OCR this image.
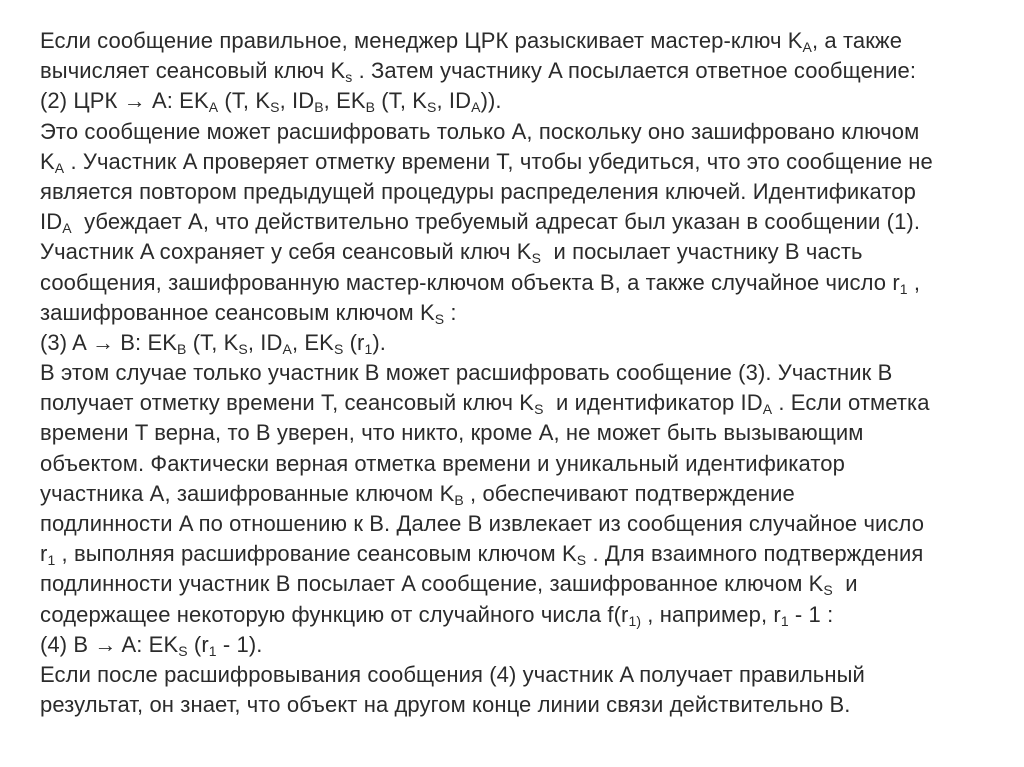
Если сообщение правильное, менеджер ЦРК разыскивает мастер-ключ $K_A$, а также
вычисляет сеансовый ключ $K_s$ . Затем участнику A посылается ответное сообщение:
(2) ЦРК → A: $EK_A$ (T, $K_S$, $ID_B$, $EK_B$ (T, $K_S$, $ID_A$)).
Это сообщение может расшифровать только A, поскольку оно зашифровано ключом
$K_A$ . Участник A проверяет отметку времени T, чтобы убедиться, что это сообщение не
является повтором предыдущей процедуры распределения ключей. Идентификатор
$ID_A$  убеждает A, что действительно требуемый адресат был указан в сообщении (1).
Участник A сохраняет у себя сеансовый ключ $K_S$  и посылает участнику B часть
сообщения, зашифрованную мастер-ключом объекта B, а также случайное число $r_1$ ,
зашифрованное сеансовым ключом $K_S$ :
(3) A → B: $EK_B$ (T, $K_S$, $ID_A$, $EK_S$ $(r_1)$.
В этом случае только участник B может расшифровать сообщение (3). Участник B
получает отметку времени T, сеансовый ключ $K_S$  и идентификатор $ID_A$ . Если отметка
времени T верна, то B уверен, что никто, кроме A, не может быть вызывающим
объектом. Фактически верная отметка времени и уникальный идентификатор
участника A, зашифрованные ключом $K_B$ , обеспечивают подтверждение
подлинности A по отношению к B. Далее B извлекает из сообщения случайное число
$r_1$ , выполняя расшифрование сеансовым ключом $K_S$ . Для взаимного подтверждения
подлинности участник B посылает A сообщение, зашифрованное ключом $K_S$  и
содержащее некоторую функцию от случайного числа $f(r_{1)}$ , например, $r_1 - 1$ :
(4) B → A: $EK_S$ $(r_1 - 1)$.
Если после расшифровывания сообщения (4) участник A получает правильный
результат, он знает, что объект на другом конце линии связи действительно B.
